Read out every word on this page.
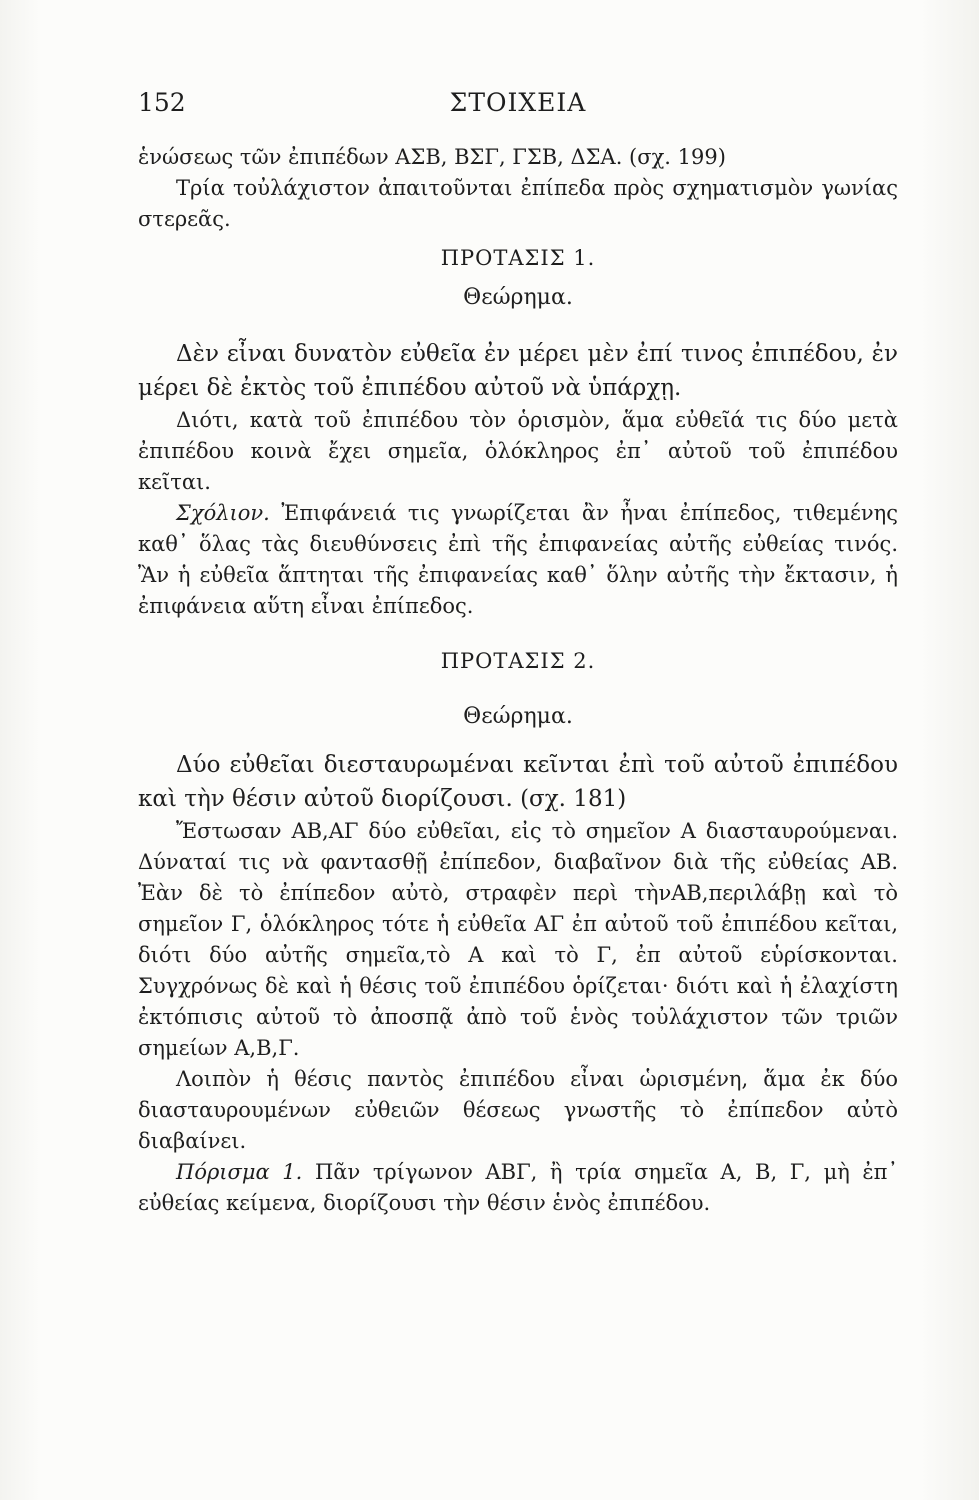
152	ΣΤΟΙΧΕΙΑ

ἑνώσεως τῶν ἐπιπέδων ΑΣΒ, ΒΣΓ, ΓΣΒ, ΔΣΑ. (σχ. 199)

Τρία τοὐλάχιστον ἀπαιτοῦνται ἐπίπεδα πρὸς σχηματισμὸν γωνίας στερεᾶς.

ΠΡΟΤΑΣΙΣ 1.
Θεώρημα.

Δὲν εἶναι δυνατὸν εὐθεῖα ἐν μέρει μὲν ἐπί τινος ἐπιπέδου, ἐν μέρει δὲ ἐκτὸς τοῦ ἐπιπέδου αὐτοῦ νὰ ὑπάρχῃ.

Διότι, κατὰ τοῦ ἐπιπέδου τὸν ὁρισμὸν, ἅμα εὐθεῖά τις δύο μετὰ ἐπιπέδου κοινὰ ἔχει σημεῖα, ὁλόκληρος ἐπ᾽ αὐτοῦ τοῦ ἐπιπέδου κεῖται.

Σχόλιον. Ἐπιφάνειά τις γνωρίζεται ἂν ἦναι ἐπίπεδος, τιθεμένης καθ᾽ ὅλας τὰς διευθύνσεις ἐπὶ τῆς ἐπιφανείας αὐτῆς εὐθείας τινός. Ἂν ἡ εὐθεῖα ἅπτηται τῆς ἐπιφανείας καθ᾽ ὅλην αὐτῆς τὴν ἔκτασιν, ἡ ἐπιφάνεια αὕτη εἶναι ἐπίπεδος.

ΠΡΟΤΑΣΙΣ 2.
Θεώρημα.

Δύο εὐθεῖαι διεσταυρωμέναι κεῖνται ἐπὶ τοῦ αὐτοῦ ἐπιπέδου καὶ τὴν θέσιν αὐτοῦ διορίζουσι. (σχ. 181)

Ἔστωσαν ΑΒ,ΑΓ δύο εὐθεῖαι, εἰς τὸ σημεῖον Α διασταυρούμεναι. Δύναταί τις νὰ φαντασθῇ ἐπίπεδον, διαβαῖνον διὰ τῆς εὐθείας ΑΒ. Ἐὰν δὲ τὸ ἐπίπεδον αὐτὸ, στραφὲν περὶ τὴνΑΒ,περιλάβῃ καὶ τὸ σημεῖον Γ, ὁλόκληρος τότε ἡ εὐθεῖα ΑΓ ἐπ αὐτοῦ τοῦ ἐπιπέδου κεῖται, διότι δύο αὐτῆς σημεῖα,τὸ Α καὶ τὸ Γ, ἐπ αὐτοῦ εὑρίσκονται. Συγχρόνως δὲ καὶ ἡ θέσις τοῦ ἐπιπέδου ὁρίζεται· διότι καὶ ἡ ἐλαχίστη ἐκτόπισις αὐτοῦ τὸ ἀποσπᾷ ἀπὸ τοῦ ἑνὸς τοὐλάχιστον τῶν τριῶν σημείων Α,Β,Γ.

Λοιπὸν ἡ θέσις παντὸς ἐπιπέδου εἶναι ὡρισμένη, ἅμα ἐκ δύο διασταυρουμένων εὐθειῶν θέσεως γνωστῆς τὸ ἐπίπεδον αὐτὸ διαβαίνει.

Πόρισμα 1. Πᾶν τρίγωνον ΑΒΓ, ἢ τρία σημεῖα Α, Β, Γ, μὴ ἐπ᾽ εὐθείας κείμενα, διορίζουσι τὴν θέσιν ἑνὸς ἐπιπέδου.
